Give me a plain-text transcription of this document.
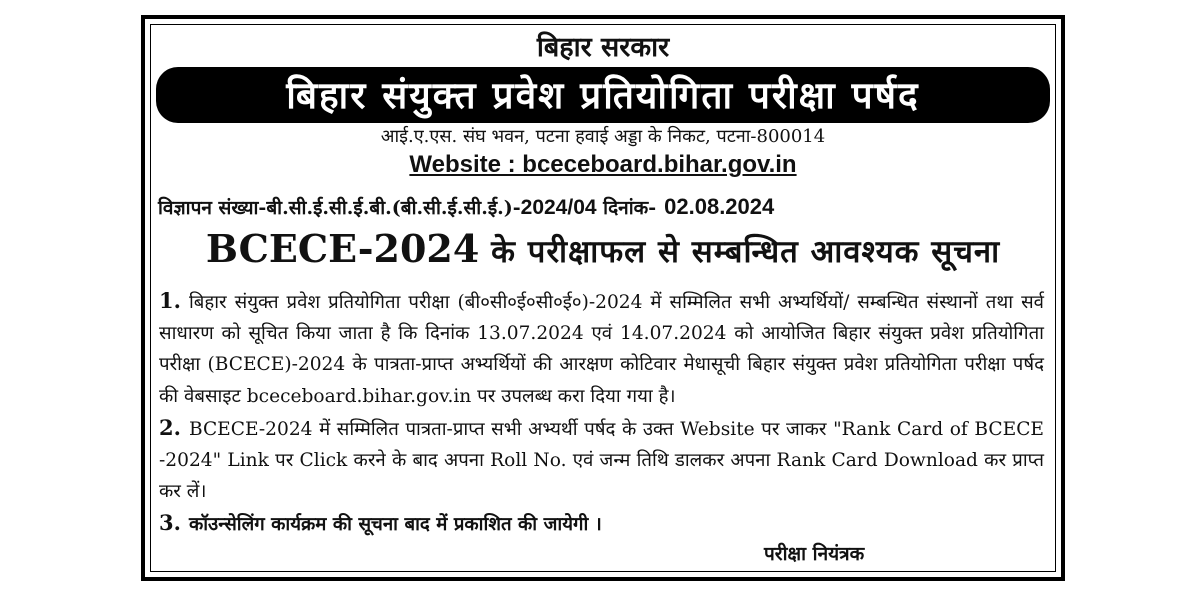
बिहार सरकार
बिहार संयुक्त प्रवेश प्रतियोगिता परीक्षा पर्षद
आई.ए.एस. संघ भवन, पटना हवाई अड्डा के निकट, पटना-800014
Website : bceceboard.bihar.gov.in
विज्ञापन संख्या-बी.सी.ई.सी.ई.बी.(बी.सी.ई.सी.ई.)-2024/04 दिनांक- 02.08.2024
BCECE-2024 के परीक्षाफल से सम्बन्धित आवश्यक सूचना

1. बिहार संयुक्त प्रवेश प्रतियोगिता परीक्षा (बी०सी०ई०सी०ई०)-2024 में सम्मिलित सभी अभ्यर्थियों/ सम्बन्धित संस्थानों तथा सर्व साधारण को सूचित किया जाता है कि दिनांक 13.07.2024 एवं 14.07.2024 को आयोजित बिहार संयुक्त प्रवेश प्रतियोगिता परीक्षा (BCECE)-2024 के पात्रता-प्राप्त अभ्यर्थियों की आरक्षण कोटिवार मेधासूची बिहार संयुक्त प्रवेश प्रतियोगिता परीक्षा पर्षद की वेबसाइट bceceboard.bihar.gov.in पर उपलब्ध करा दिया गया है।

2. BCECE-2024 में सम्मिलित पात्रता-प्राप्त सभी अभ्यर्थी पर्षद के उक्त Website पर जाकर "Rank Card of BCECE -2024" Link पर Click करने के बाद अपना Roll No. एवं जन्म तिथि डालकर अपना Rank Card Download कर प्राप्त कर लें।

3. कॉउन्सेलिंग कार्यक्रम की सूचना बाद में प्रकाशित की जायेगी ।

परीक्षा नियंत्रक
